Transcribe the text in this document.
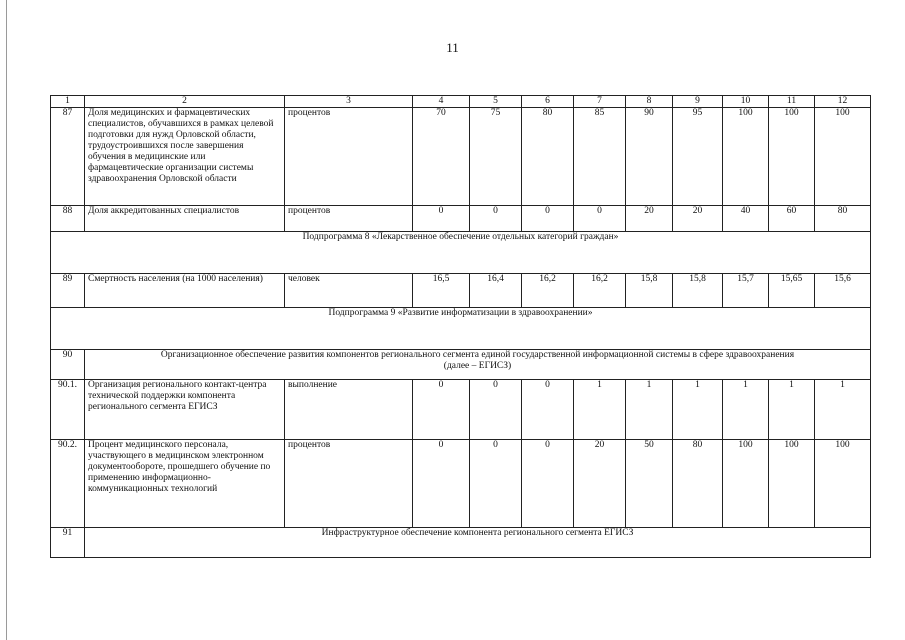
11
1	2	3	4	5	6	7	8	9	10	11	12
87	Доля медицинских и фармацевтических специалистов, обучавшихся в рамках целевой подготовки для нужд Орловской области, трудоустроившихся после завершения обучения в медицинские или фармацевтические организации системы здравоохранения Орловской области	процентов	70	75	80	85	90	95	100	100	100
88	Доля аккредитованных специалистов	процентов	0	0	0	0	20	20	40	60	80
Подпрограмма 8 «Лекарственное обеспечение отдельных категорий граждан»											
89	Смертность населения (на 1000 населения)	человек	16,5	16,4	16,2	16,2	15,8	15,8	15,7	15,65	15,6
Подпрограмма 9 «Развитие информатизации в здравоохранении»											
90	Организационное обеспечение развития компонентов регионального сегмента единой государственной информационной системы в сфере здравоохранения
(далее – ЕГИСЗ)										

90.1.	Организация регионального контакт-центра технической поддержки компонента регионального сегмента ЕГИСЗ	выполнение	0	0	0	1	1	1	1	1	1
90.2.	Процент медицинского персонала, участвующего в медицинском электронном документообороте, прошедшего обучение по применению информационно-коммуникационных технологий	процентов	0	0	0	20	50	80	100	100	100
91	Инфраструктурное обеспечение компонента регионального сегмента ЕГИСЗ										
